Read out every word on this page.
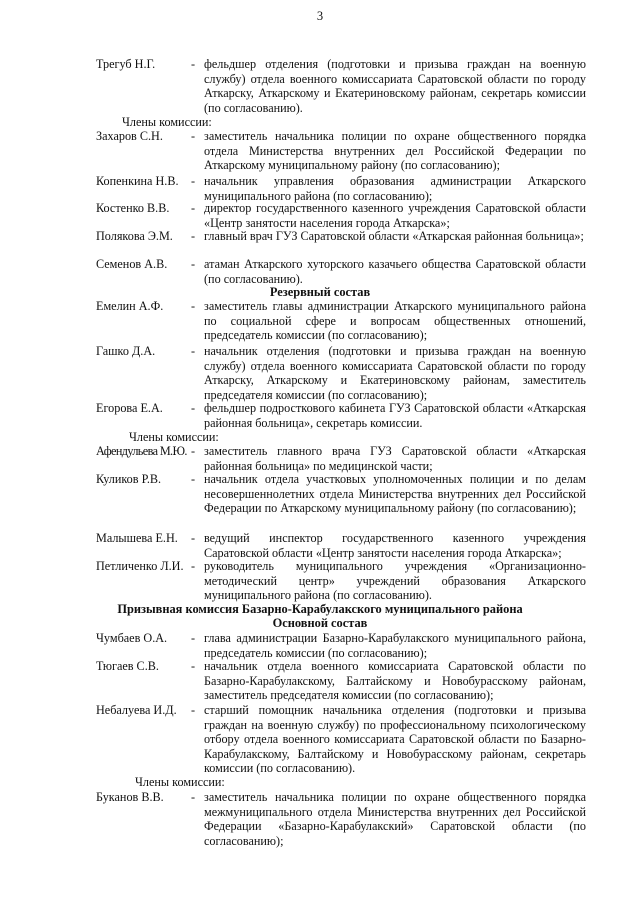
3
Трегуб Н.Г.	- фельдшер отделения (подготовки и призыва граждан на военную службу) отдела военного комиссариата Саратовской области по городу Аткарску, Аткарскому и Екатериновскому районам, секретарь комиссии (по согласованию).
Члены комиссии:
Захаров С.Н. - заместитель начальника полиции по охране общественного порядка отдела Министерства внутренних дел Российской Федерации по Аткарскому муниципальному району (по согласованию);
Копенкина Н.В. - начальник управления образования администрации Аткарского муниципального района (по согласованию);
Костенко В.В. - директор государственного казенного учреждения Саратовской области «Центр занятости населения города Аткарска»;
Полякова Э.М. - главный врач ГУЗ Саратовской области «Аткарская районная больница»;
Семенов А.В. - атаман Аткарского хуторского казачьего общества Саратовской области (по согласованию).
Резервный состав
Емелин А.Ф. - заместитель главы администрации Аткарского муниципального района по социальной сфере и вопросам общественных отношений, председатель комиссии (по согласованию);
Гашко Д.А.	- начальник отделения (подготовки и призыва граждан на военную службу) отдела военного комиссариата Саратовской области по городу Аткарску, Аткарскому и Екатериновскому районам, заместитель председателя комиссии (по согласованию);
Егорова Е.А. - фельдшер подросткового кабинета ГУЗ Саратовской области «Аткарская районная больница», секретарь комиссии.
Члены комиссии:
Афендульева М.Ю. - заместитель главного врача ГУЗ Саратовской области «Аткарская районная больница» по медицинской части;
Куликов Р.В. - начальник отдела участковых уполномоченных полиции и по делам несовершеннолетних отдела Министерства внутренних дел Российской Федерации по Аткарскому муниципальному району (по согласованию);
Малышева Е.Н. - ведущий инспектор государственного казенного учреждения Саратовской области «Центр занятости населения города Аткарска»;
Петличенко Л.И. - руководитель муниципального учреждения «Организационно-методический центр» учреждений образования Аткарского муниципального района (по согласованию).
Призывная комиссия Базарно-Карабулакского муниципального района
Основной состав
Чумбаев О.А. - глава администрации Базарно-Карабулакского муниципального района, председатель комиссии (по согласованию);
Тюгаев С.В.	- начальник отдела военного комиссариата Саратовской области по Базарно-Карабулакскому, Балтайскому и Новобурасскому районам, заместитель председателя комиссии (по согласованию);
Небалуева И.Д. - старший помощник начальника отделения (подготовки и призыва граждан на военную службу) по профессиональному психологическому отбору отдела военного комиссариата Саратовской области по Базарно-Карабулакскому, Балтайскому и Новобурасскому районам, секретарь комиссии (по согласованию).
Члены комиссии:
Буканов В.В. - заместитель начальника полиции по охране общественного порядка межмуниципального отдела Министерства внутренних дел Российской Федерации «Базарно-Карабулакский» Саратовской области (по согласованию);
